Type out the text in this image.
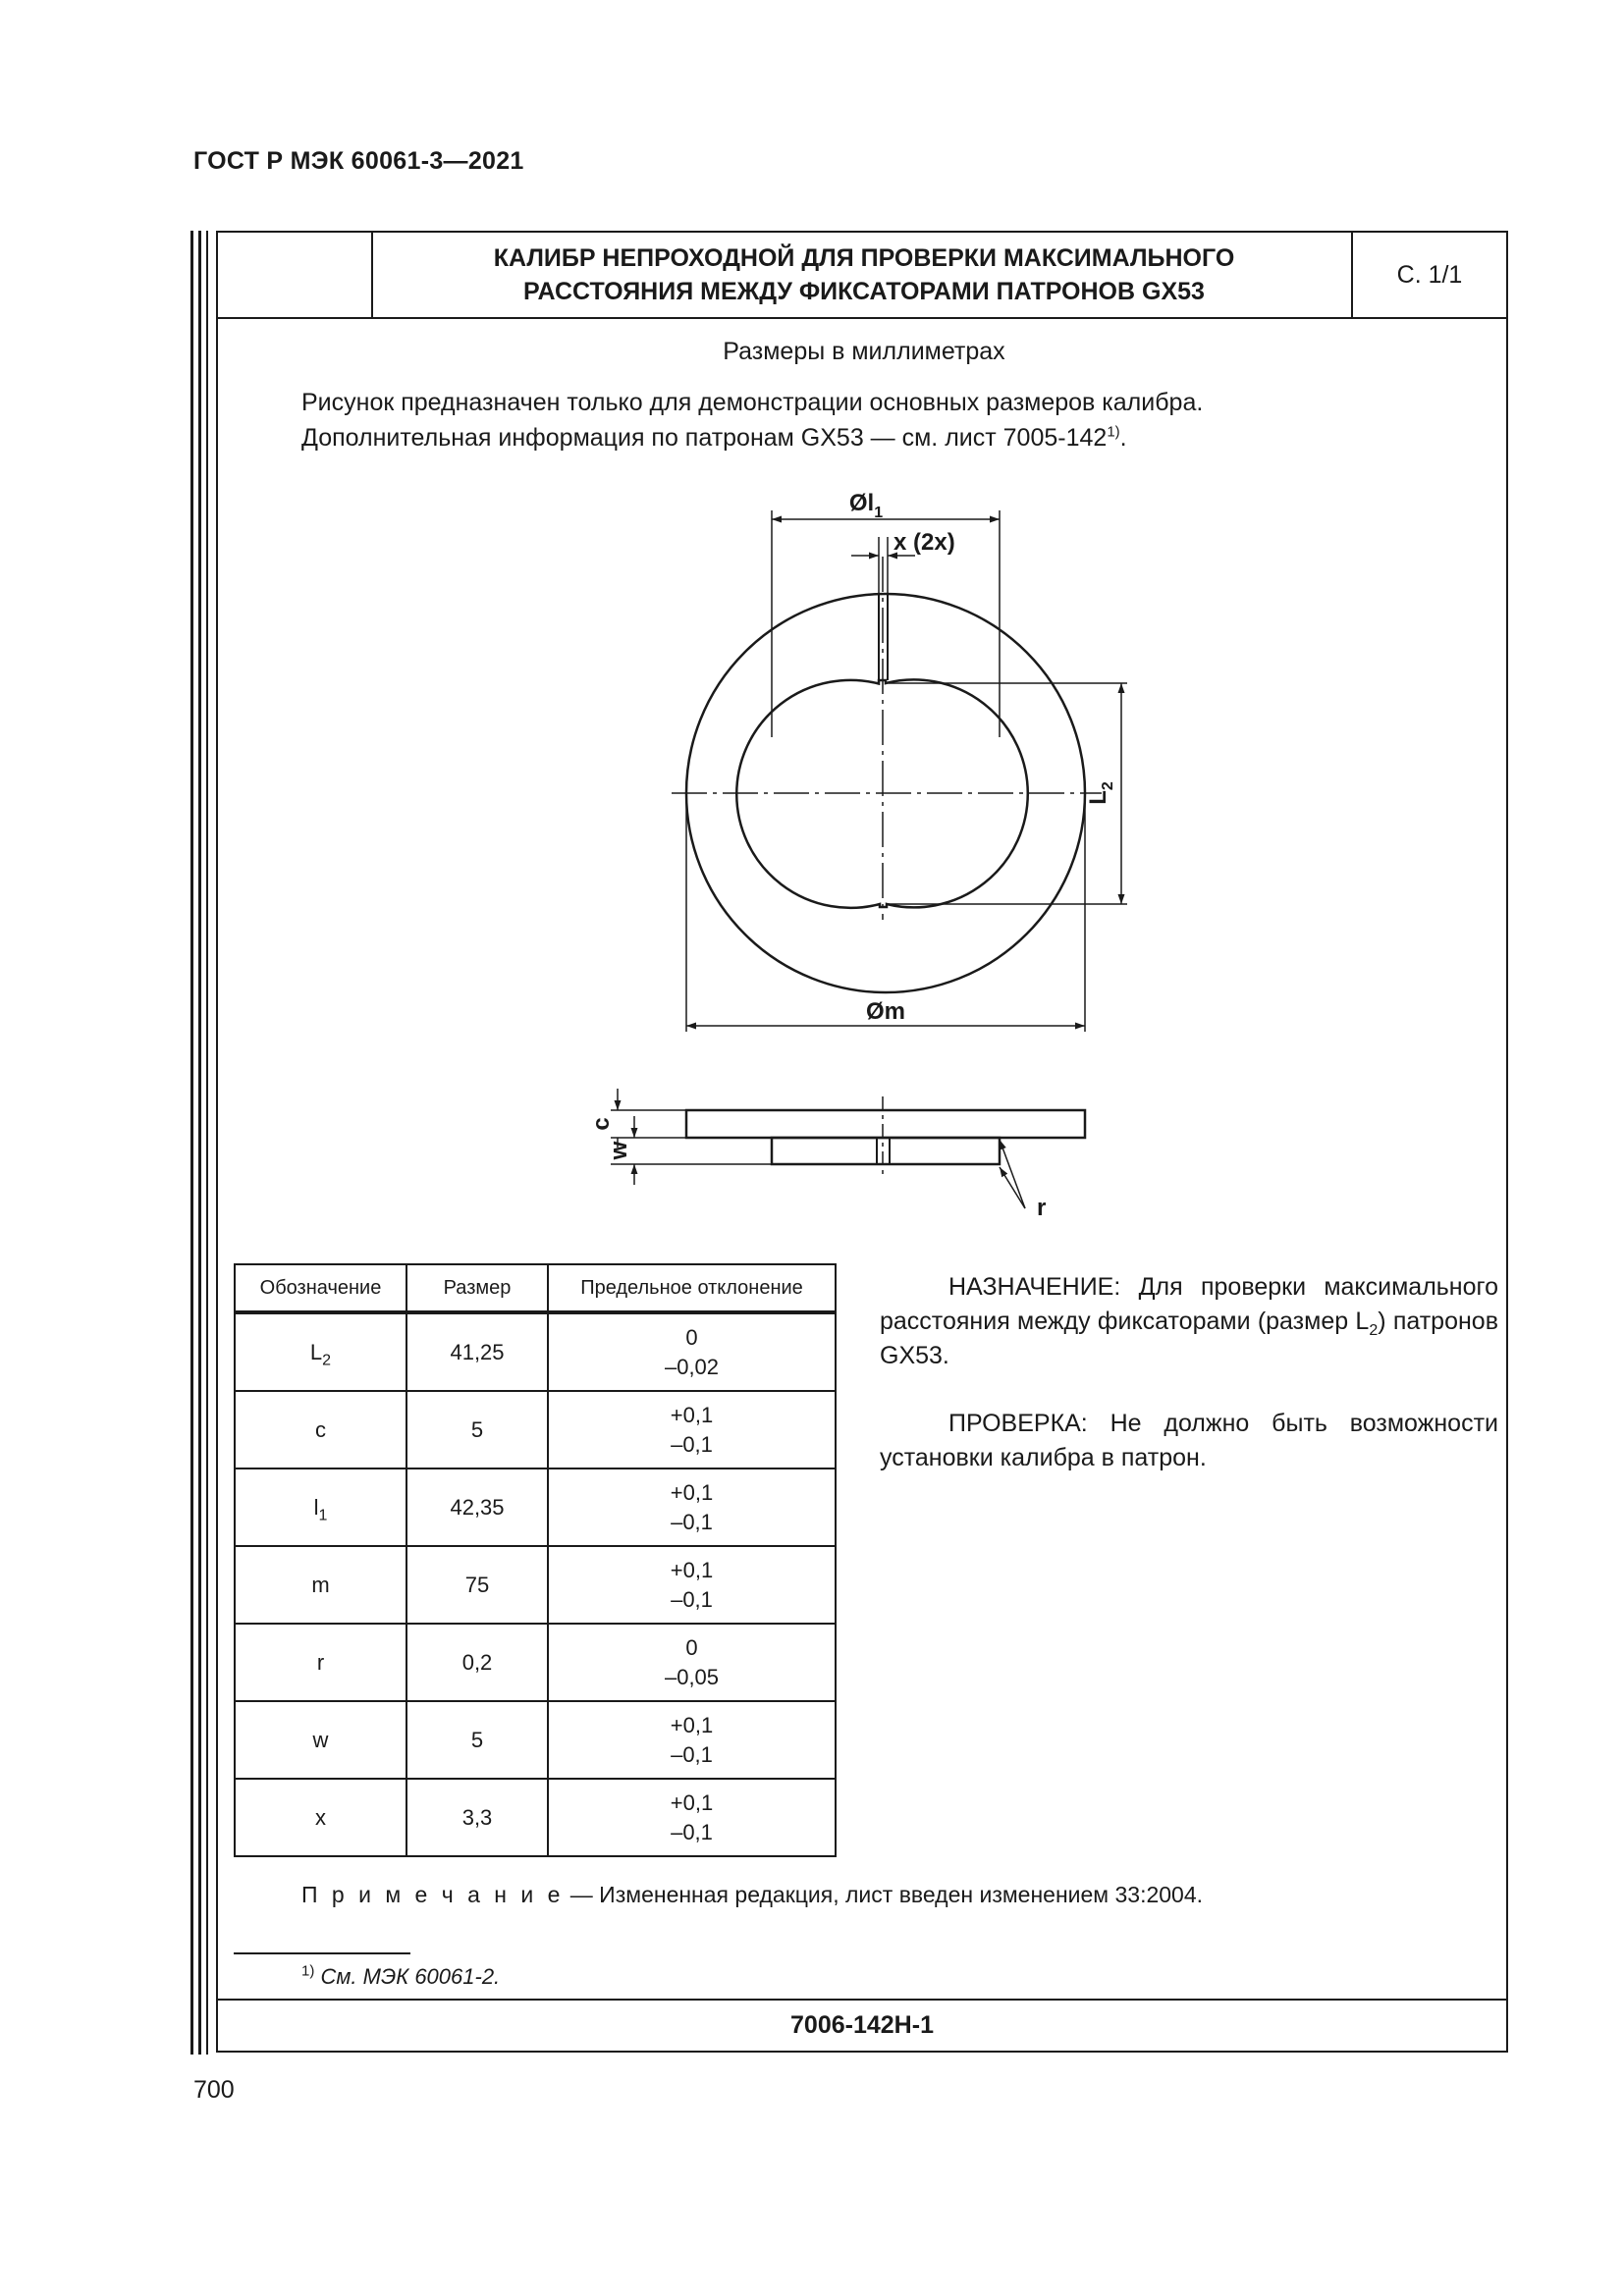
ГОСТ Р МЭК 60061-3—2021
КАЛИБР НЕПРОХОДНОЙ ДЛЯ ПРОВЕРКИ МАКСИМАЛЬНОГО
РАССТОЯНИЯ МЕЖДУ ФИКСАТОРАМИ ПАТРОНОВ GX53
С. 1/1
Размеры в миллиметрах
Рисунок предназначен только для демонстрации основных размеров калибра.
Дополнительная информация по патронам GX53 — см. лист 7005-142$^{1)}$.
$Øl_1$
x (2x)
$L_2$
Øm
c
w
r
Обозначение	Размер	Предельное отклонение
$L_2$	41,25	0
–0,02

c	5	+0,1
–0,1

$l_1$	42,35	+0,1
–0,1

m	75	+0,1
–0,1

r	0,2	0
–0,05

w	5	+0,1
–0,1

x	3,3	+0,1
–0,1

НАЗНАЧЕНИЕ: Для проверки максимального расстояния между фиксаторами (размер $L_2$) патронов GX53.

ПРОВЕРКА: Не должно быть возможности установки калибра в патрон.

П р и м е ч а н и е — Измененная редакция, лист введен изменением 33:2004.
$^{1)}$ См. МЭК 60061-2.
7006-142Н-1
700
